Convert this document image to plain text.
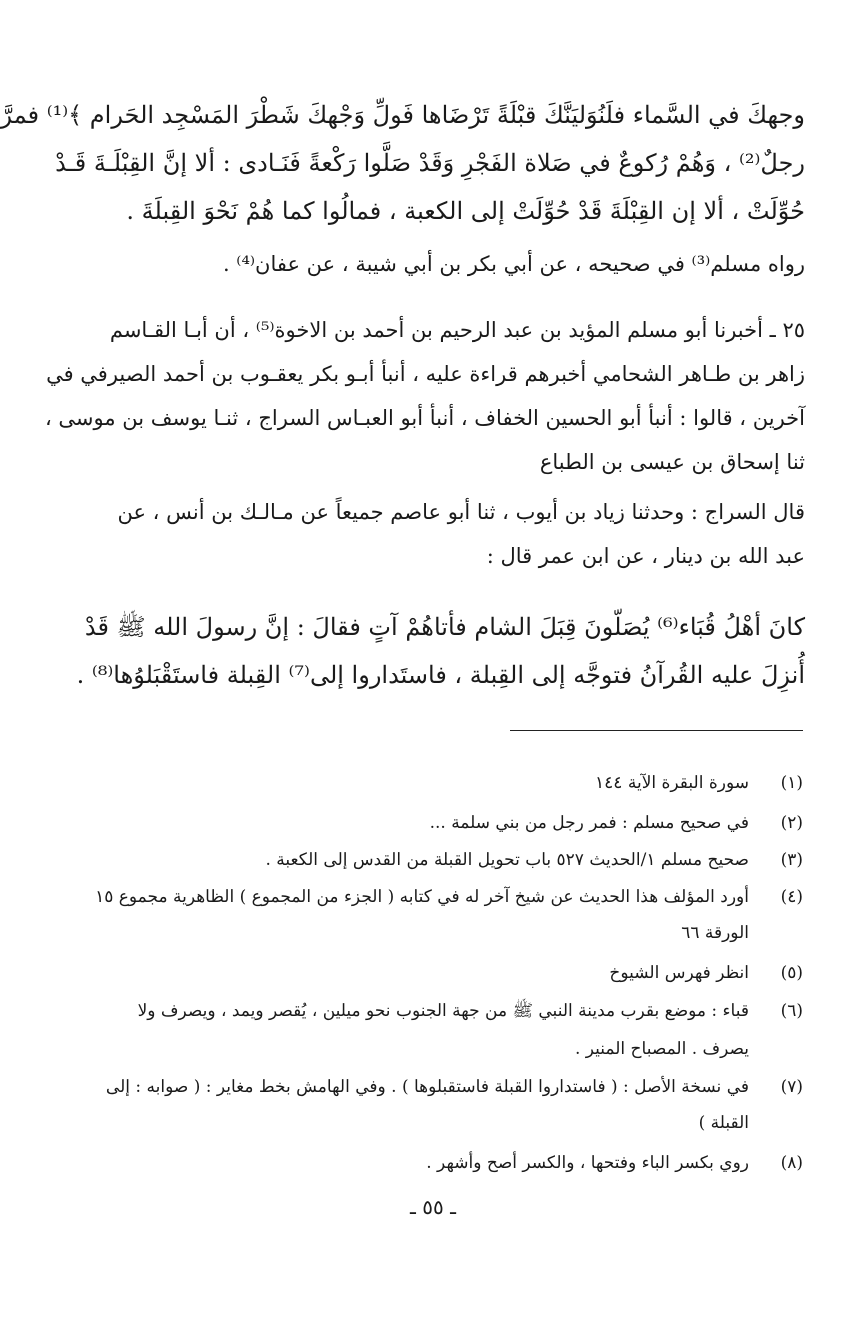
وجهكَ في السَّماء فلَنُوَليَنَّكَ قبْلَةً تَرْضَاها فَولِّ وَجْهكَ شَطْرَ المَسْجِد الحَرام ﴾⁽¹⁾ فمرَّ
رجلٌ⁽²⁾ ، وَهُمْ رُكوعٌ في صَلاة الفَجْرِ وَقَدْ صَلَّوا رَكْعةً فَنَـادى : ألا إنَّ القِبْلَـةَ قَـدْ
حُوِّلَتْ ، ألا إن القِبْلَةَ قَدْ حُوِّلَتْ إلى الكعبة ، فمالُوا كما هُمْ نَحْوَ القِبلَةَ .
رواه مسلم⁽³⁾ في صحيحه ، عن أبي بكر بن أبي شيبة ، عن عفان⁽⁴⁾ .
٢٥ ـ أخبرنا أبو مسلم المؤيد بن عبد الرحيم بن أحمد بن الاخوة⁽⁵⁾ ، أن أبـا القـاسم
زاهر بن طـاهر الشحامي أخبرهم قراءة عليه ، أنبأ أبـو بكر يعقـوب بن أحمد الصيرفي في
آخرين ، قالوا : أنبأ أبو الحسين الخفاف ، أنبأ أبو العبـاس السراج ، ثنـا يوسف بن موسى ،
ثنا إسحاق بن عيسى بن الطباع
قال السراج : وحدثنا زياد بن أيوب ، ثنا أبو عاصم جميعاً عن مـالـك بن أنس ، عن
عبد الله بن دينار ، عن ابن عمر قال :
كانَ أهْلُ قُبَاء⁽⁶⁾ يُصَلّونَ قِبَلَ الشام فأتاهُمْ آتٍ فقالَ : إنَّ رسولَ الله ﷺ قَدْ
أُنزِلَ عليه القُرآنُ فتوجَّه إلى القِبلة ، فاستَداروا إلى⁽⁷⁾ القِبلة فاستَقْبَلوُها⁽⁸⁾ .
(١)سورة البقرة الآية ١٤٤
(٢)في صحيح مسلم : فمر رجل من بني سلمة ...
(٣)صحيح مسلم ١/الحديث ٥٢٧ باب تحويل القبلة من القدس إلى الكعبة .
(٤)أورد المؤلف هذا الحديث عن شيخ آخر له في كتابه ( الجزء من المجموع ) الظاهرية مجموع ١٥
الورقة ٦٦
(٥)انظر فهرس الشيوخ
(٦)قباء : موضع بقرب مدينة النبي ﷺ من جهة الجنوب نحو ميلين ، يُقصر ويمد ، ويصرف ولا
يصرف . المصباح المنير .
(٧)في نسخة الأصل : ( فاستداروا القبلة فاستقبلوها ) . وفي الهامش بخط مغاير : ( صوابه : إلى
القبلة )
(٨)روي بكسر الباء وفتحها ، والكسر أصح وأشهر .
ـ ٥٥ ـ
